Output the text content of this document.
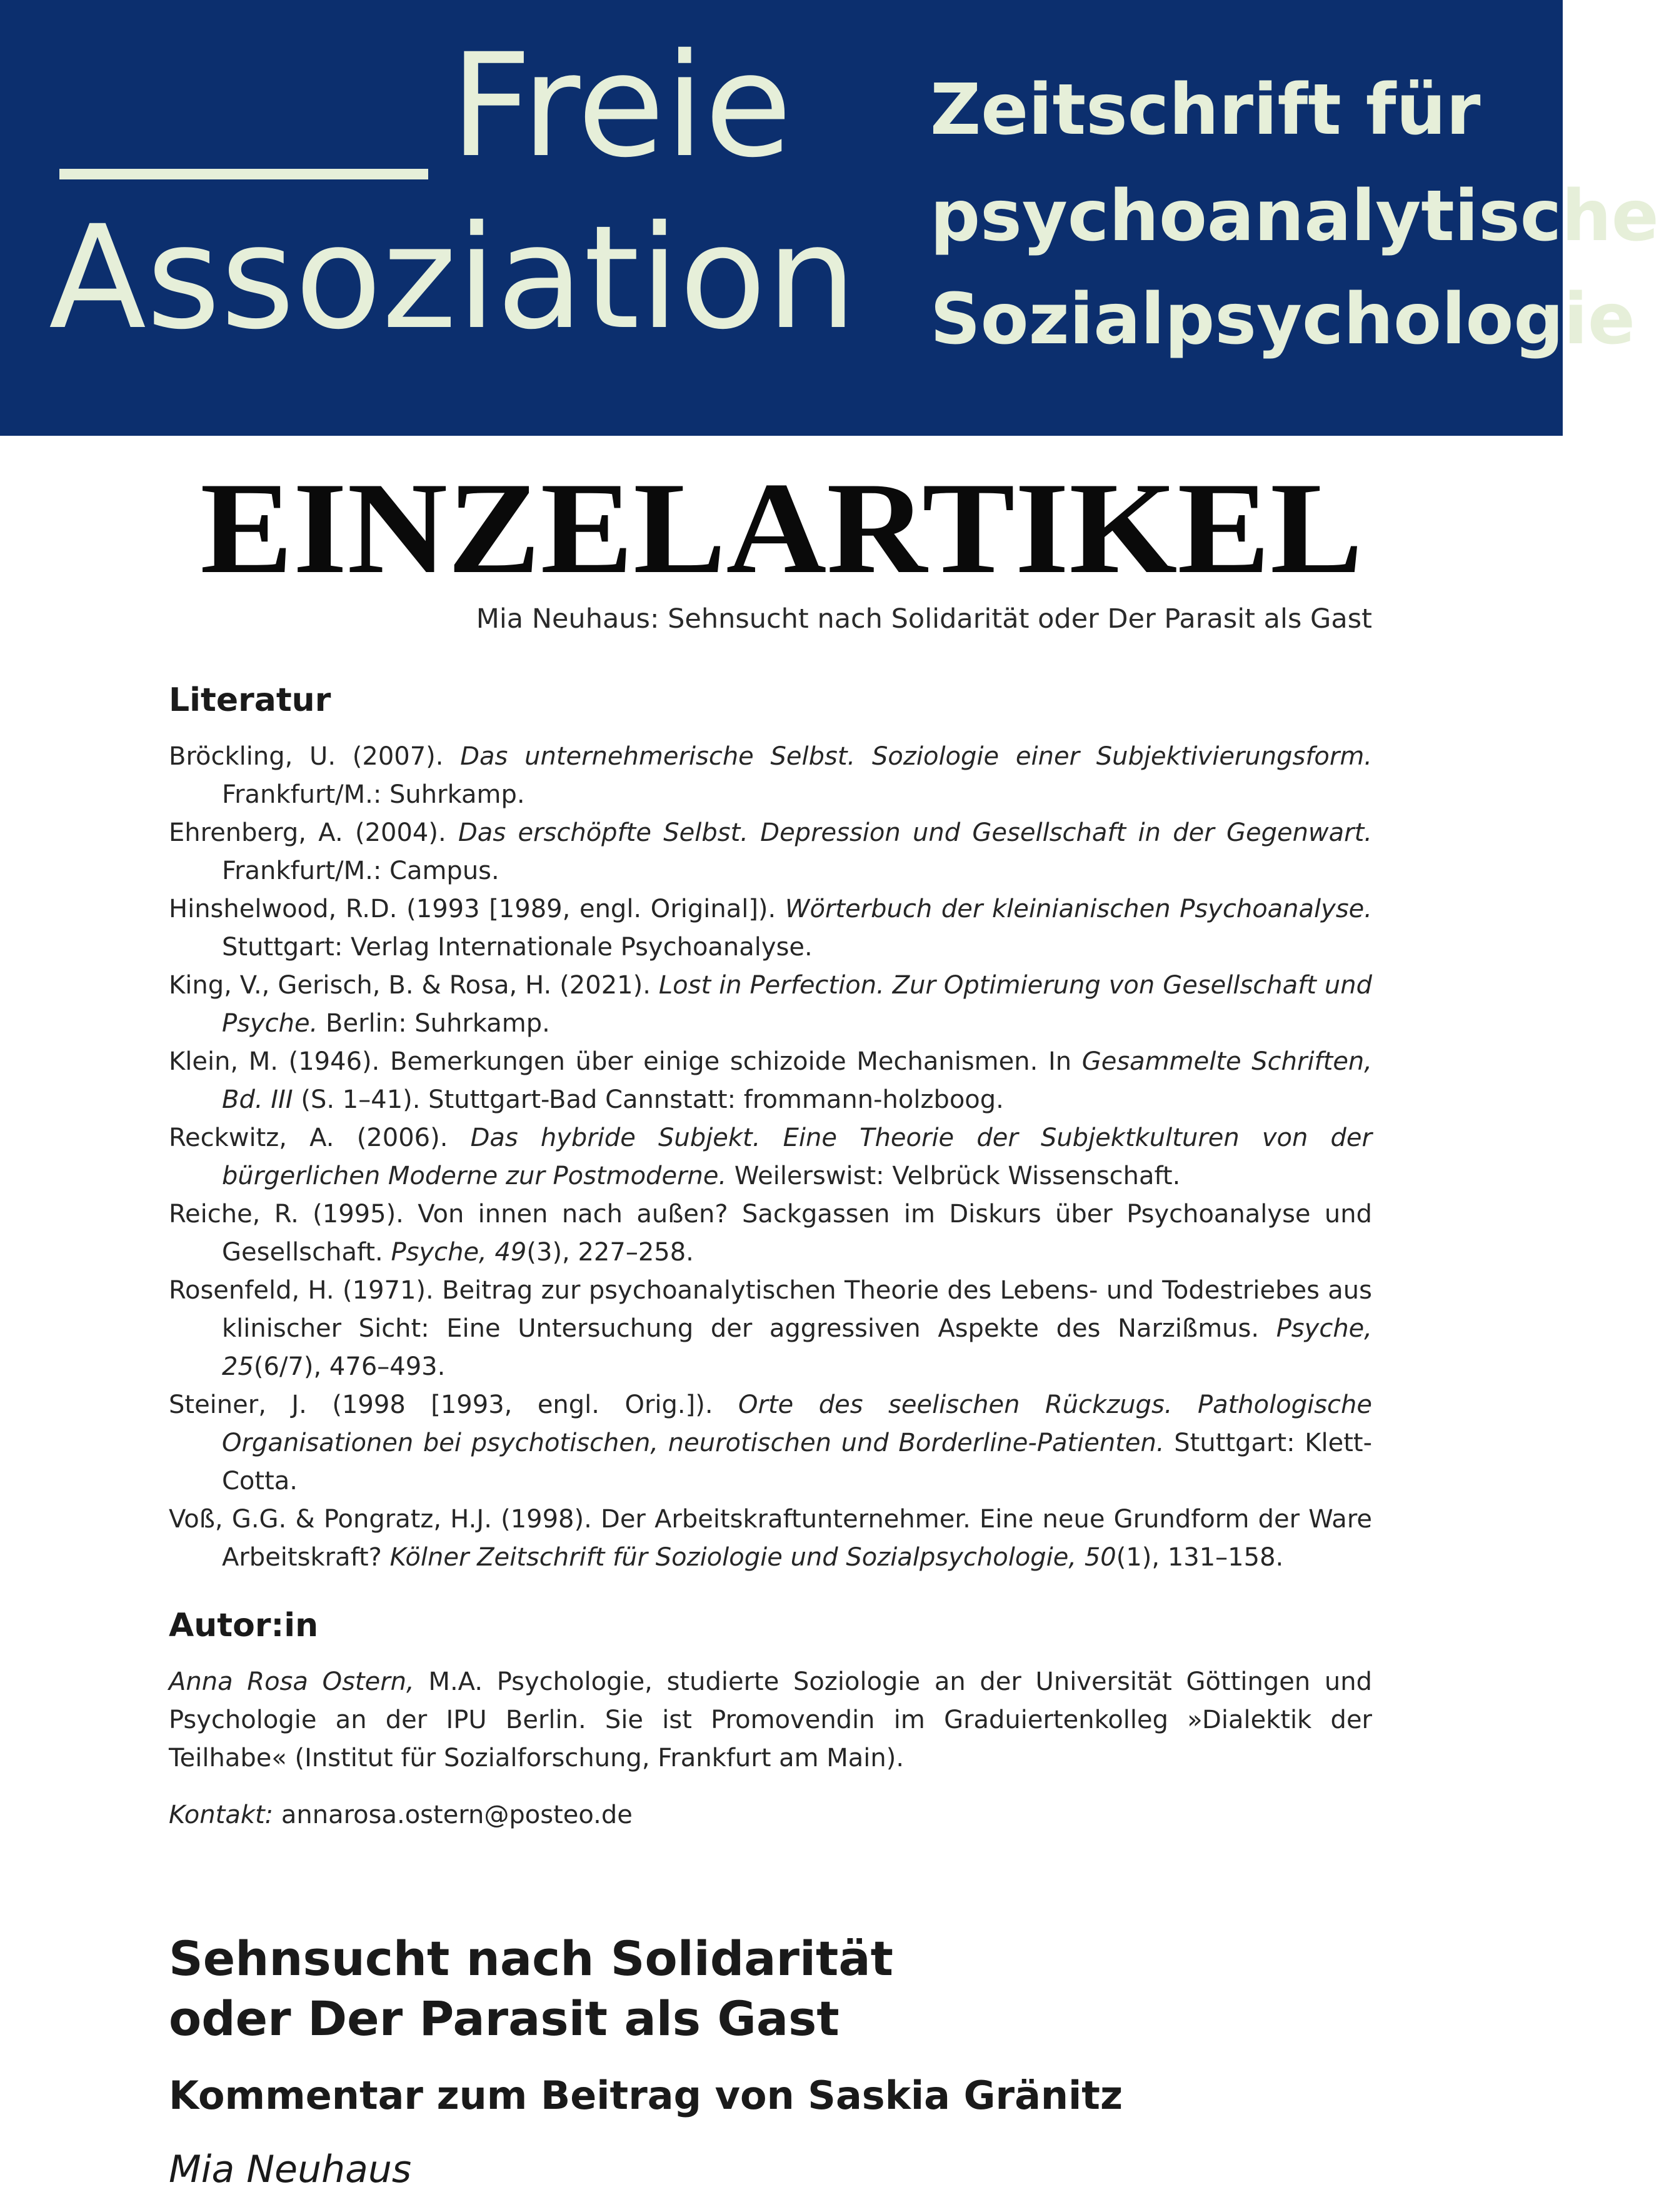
Freie
Assoziation
Zeitschrift für
psychoanalytische
Sozialpsychologie
EINZELARTIKEL
Mia Neuhaus: Sehnsucht nach Solidarität oder Der Parasit als Gast
Literatur
Bröckling, U. (2007). Das unternehmerische Selbst. Soziologie einer Subjektivierungsform. Frankfurt/M.: Suhrkamp.
Ehrenberg, A. (2004). Das erschöpfte Selbst. Depression und Gesellschaft in der Gegenwart. Frankfurt/M.: Campus.
Hinshelwood, R.D. (1993 [1989, engl. Original]). Wörterbuch der kleinianischen Psychoanalyse. Stuttgart: Verlag Internationale Psychoanalyse.
King, V., Gerisch, B. & Rosa, H. (2021). Lost in Perfection. Zur Optimierung von Gesellschaft und Psyche. Berlin: Suhrkamp.
Klein, M. (1946). Bemerkungen über einige schizoide Mechanismen. In Gesammelte Schriften, Bd. III (S. 1–41). Stuttgart-Bad Cannstatt: frommann-holzboog.
Reckwitz, A. (2006). Das hybride Subjekt. Eine Theorie der Subjektkulturen von der bürgerlichen Moderne zur Postmoderne. Weilerswist: Velbrück Wissenschaft.
Reiche, R. (1995). Von innen nach außen? Sackgassen im Diskurs über Psychoanalyse und Gesellschaft. Psyche, 49(3), 227–258.
Rosenfeld, H. (1971). Beitrag zur psychoanalytischen Theorie des Lebens- und Todestriebes aus klinischer Sicht: Eine Untersuchung der aggressiven Aspekte des Narzißmus. Psyche, 25(6/7), 476–493.
Steiner, J. (1998 [1993, engl. Orig.]). Orte des seelischen Rückzugs. Pathologische Organisationen bei psychotischen, neurotischen und Borderline-Patienten. Stuttgart: Klett-Cotta.
Voß, G.G. & Pongratz, H.J. (1998). Der Arbeitskraftunternehmer. Eine neue Grundform der Ware Arbeitskraft? Kölner Zeitschrift für Soziologie und Sozialpsychologie, 50(1), 131–158.
Autor:in

Anna Rosa Ostern, M.A. Psychologie, studierte Soziologie an der Universität Göttingen und Psychologie an der IPU Berlin. Sie ist Promovendin im Graduiertenkolleg »Dialektik der Teilhabe« (Institut für Sozialforschung, Frankfurt am Main).

Kontakt: annarosa.ostern@posteo.de
Sehnsucht nach Solidarität
oder Der Parasit als Gast
Kommentar zum Beitrag von Saskia Gränitz
Mia Neuhaus
